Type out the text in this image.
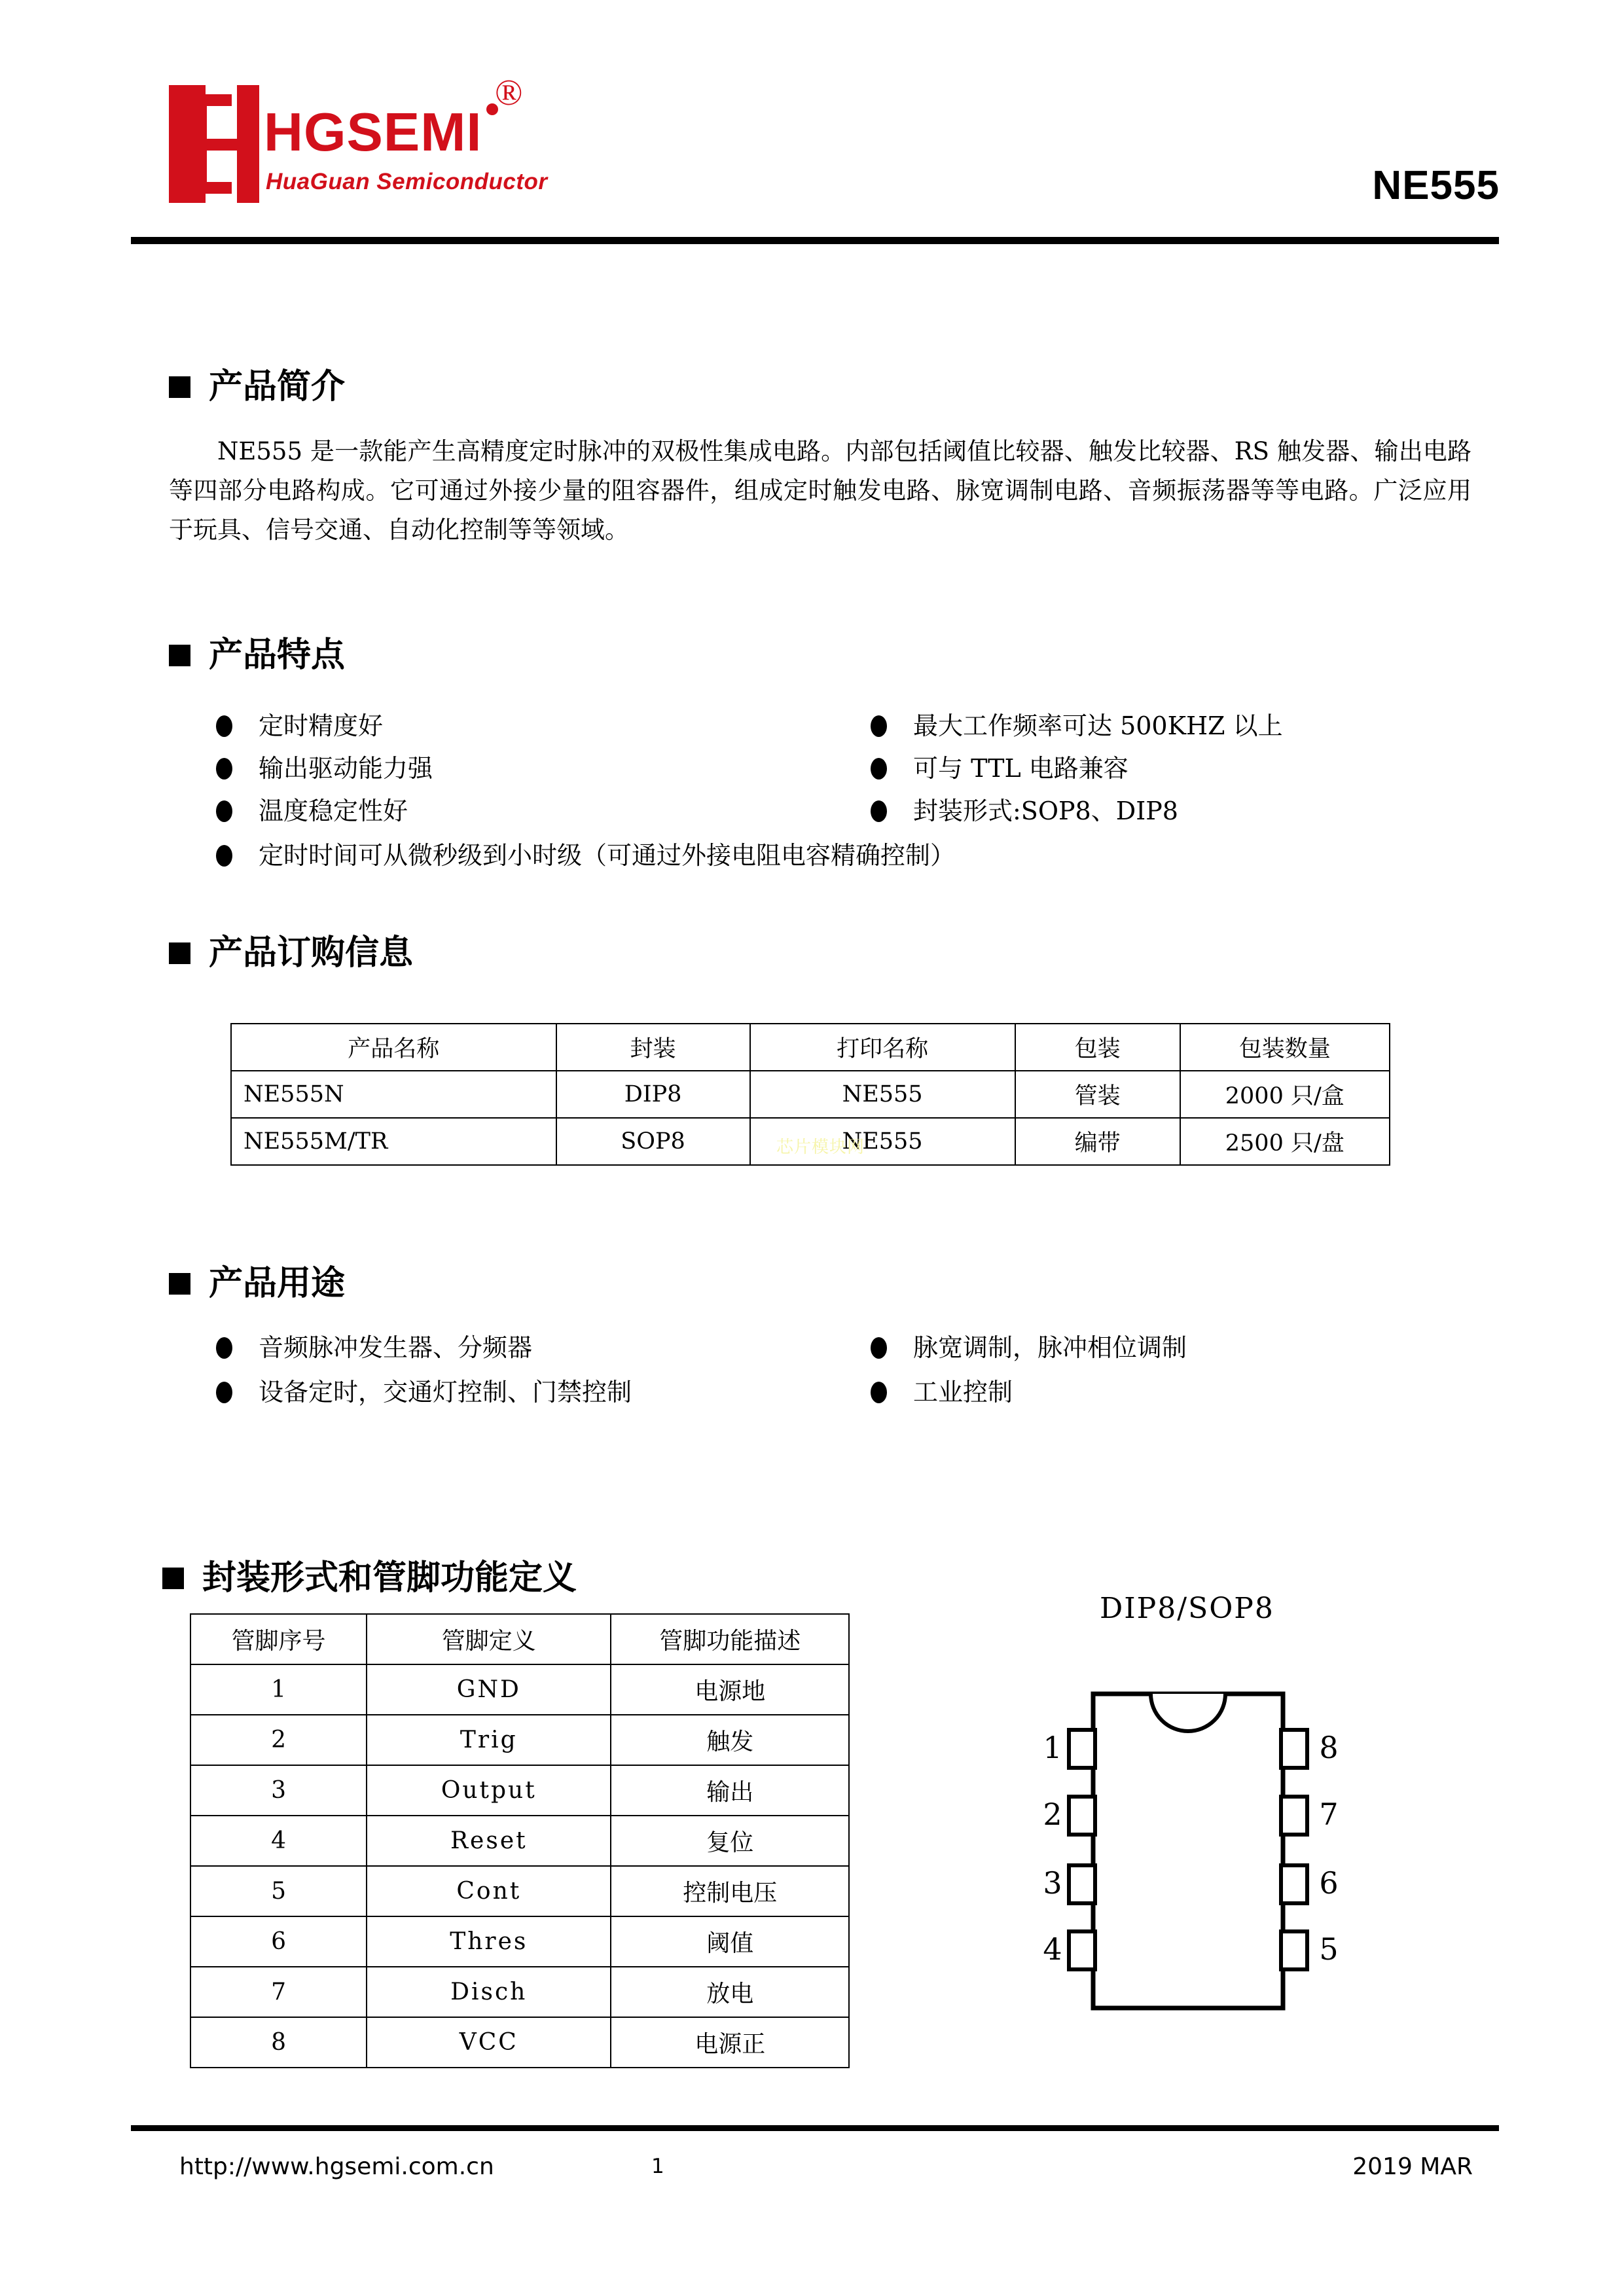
HGSEMI
®
HuaGuan Semiconductor	NE555
产品简介
NE555 是一款能产生高精度定时脉冲的双极性集成电路。内部包括阈值比较器、触发比较器、RS 触发器、输出电路等四部分电路构成。它可通过外接少量的阻容器件，组成定时触发电路、脉宽调制电路、音频振荡器等等电路。广泛应用于玩具、信号交通、自动化控制等等领域。
产品特点
定时精度好
输出驱动能力强
温度稳定性好
最大工作频率可达 500KHZ 以上
可与 TTL 电路兼容
封装形式:SOP8、DIP8
定时时间可从微秒级到小时级（可通过外接电阻电容精确控制）
产品订购信息
产品名称	封装	打印名称	包装	包装数量
NE555N	DIP8	NE555	管装	2000 只/盒
NE555M/TR	SOP8	NE555	编带	2500 只/盘
芯片模块网
产品用途
音频脉冲发生器、分频器
设备定时，交通灯控制、门禁控制
脉宽调制，脉冲相位调制
工业控制
封装形式和管脚功能定义
管脚序号	管脚定义	管脚功能描述
1	GND	电源地
2	Trig	触发
3	Output	输出
4	Reset	复位
5	Cont	控制电压
6	Thres	阈值
7	Disch	放电
8	VCC	电源正
DIP8/SOP8
1
2
3
4
8
7
6
5
http://www.hgsemi.com.cn	1	2019 MAR
